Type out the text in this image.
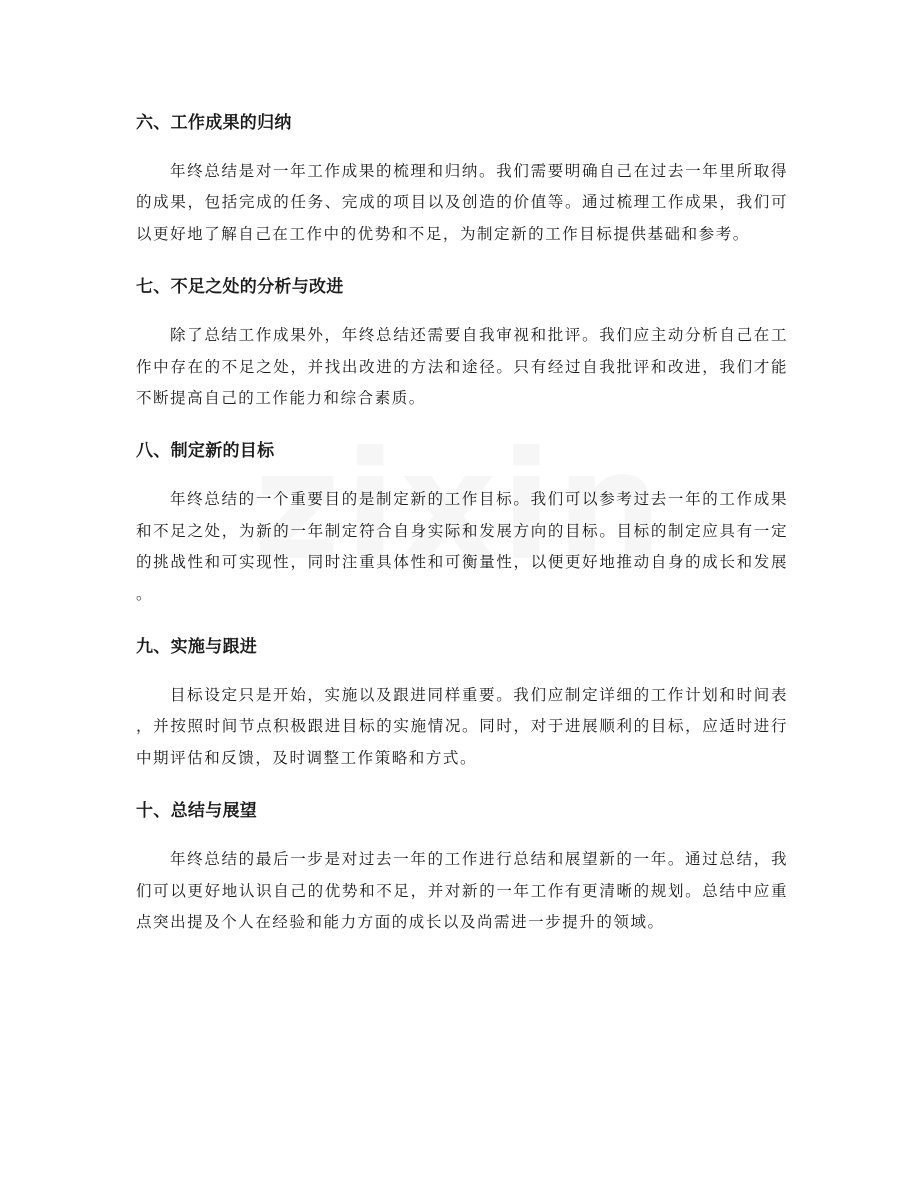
六、工作成果的归纳

年终总结是对一年工作成果的梳理和归纳。我们需要明确自己在过去一年里所取得的成果，包括完成的任务、完成的项目以及创造的价值等。通过梳理工作成果，我们可以更好地了解自己在工作中的优势和不足，为制定新的工作目标提供基础和参考。

七、不足之处的分析与改进

除了总结工作成果外，年终总结还需要自我审视和批评。我们应主动分析自己在工作中存在的不足之处，并找出改进的方法和途径。只有经过自我批评和改进，我们才能不断提高自己的工作能力和综合素质。

八、制定新的目标

年终总结的一个重要目的是制定新的工作目标。我们可以参考过去一年的工作成果和不足之处，为新的一年制定符合自身实际和发展方向的目标。目标的制定应具有一定的挑战性和可实现性，同时注重具体性和可衡量性，以便更好地推动自身的成长和发展。

九、实施与跟进

目标设定只是开始，实施以及跟进同样重要。我们应制定详细的工作计划和时间表，并按照时间节点积极跟进目标的实施情况。同时，对于进展顺利的目标，应适时进行中期评估和反馈，及时调整工作策略和方式。

十、总结与展望

年终总结的最后一步是对过去一年的工作进行总结和展望新的一年。通过总结，我们可以更好地认识自己的优势和不足，并对新的一年工作有更清晰的规划。总结中应重点突出提及个人在经验和能力方面的成长以及尚需进一步提升的领域。
